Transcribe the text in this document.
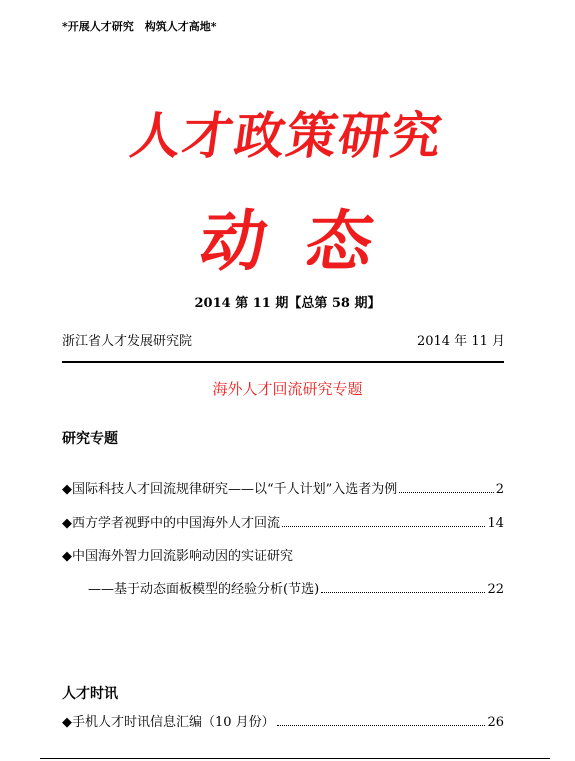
*开展人才研究　构筑人才高地*
人才政策研究
动态
2014 第 11 期【总第 58 期】
浙江省人才发展研究院	2014 年 11 月
海外人才回流研究专题
研究专题
◆国际科技人才回流规律研究——以“千人计划”入选者为例	2
◆西方学者视野中的中国海外人才回流	14
◆中国海外智力回流影响动因的实证研究
——基于动态面板模型的经验分析(节选)	22
人才时讯
◆手机人才时讯信息汇编（10 月份）	26
